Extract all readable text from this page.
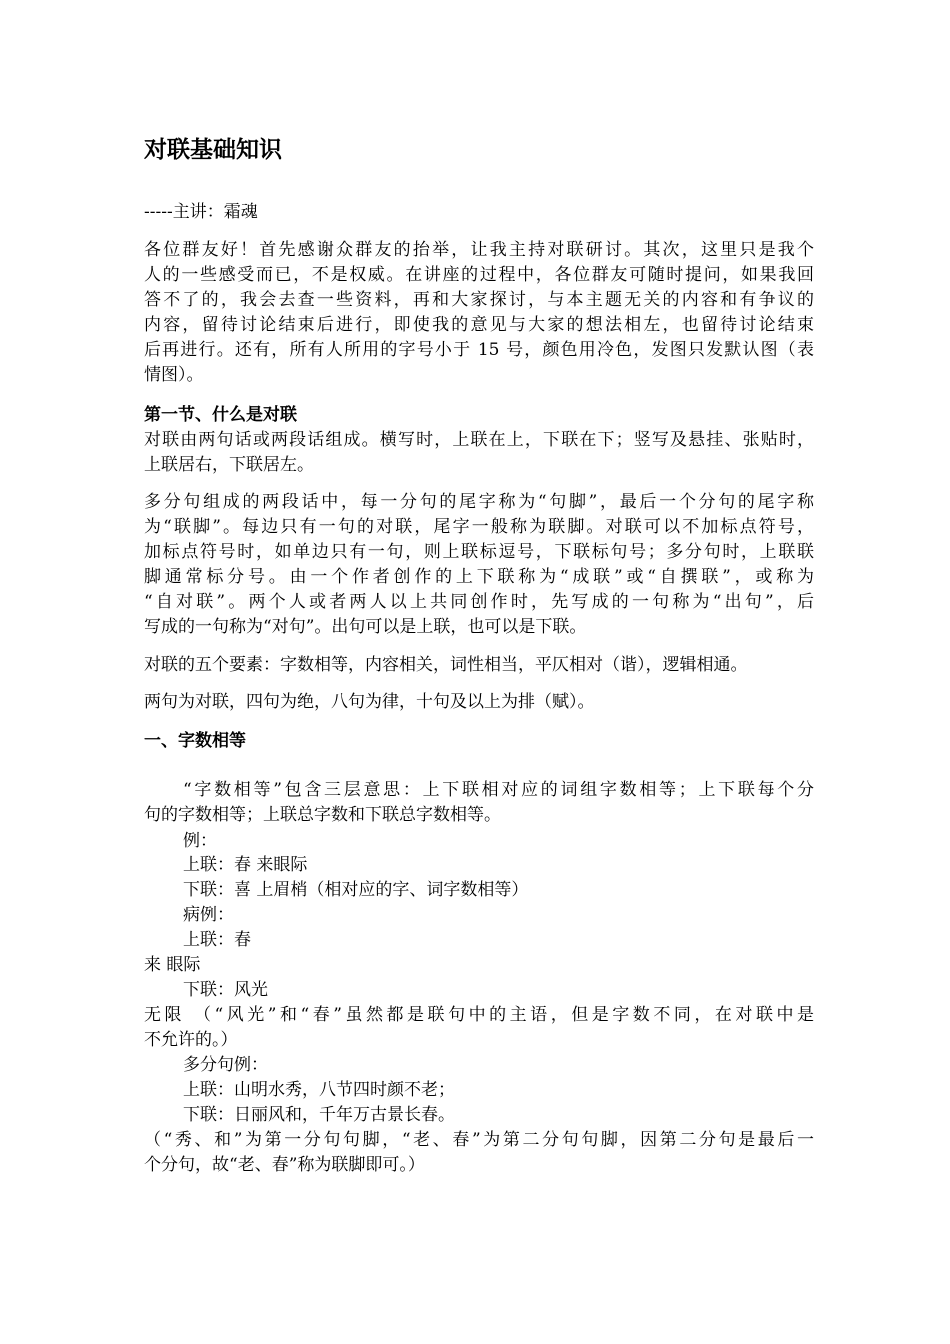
对联基础知识
-----主讲：霜魂
各位群友好！首先感谢众群友的抬举，让我主持对联研讨。其次，这里只是我个
人的一些感受而已，不是权威。在讲座的过程中，各位群友可随时提问，如果我回
答不了的，我会去查一些资料，再和大家探讨，与本主题无关的内容和有争议的
内容，留待讨论结束后进行，即使我的意见与大家的想法相左，也留待讨论结束
后再进行。还有，所有人所用的字号小于 15 号，颜色用冷色，发图只发默认图（表
情图）。
第一节、什么是对联
对联由两句话或两段话组成。横写时，上联在上，下联在下；竖写及悬挂、张贴时，
上联居右，下联居左。
多分句组成的两段话中，每一分句的尾字称为“句脚”，最后一个分句的尾字称
为“联脚”。每边只有一句的对联，尾字一般称为联脚。对联可以不加标点符号，
加标点符号时，如单边只有一句，则上联标逗号，下联标句号；多分句时，上联联
脚通常标分号。由一个作者创作的上下联称为“成联”或“自撰联”，或称为
“自对联”。两个人或者两人以上共同创作时，先写成的一句称为“出句”，后
写成的一句称为“对句”。出句可以是上联，也可以是下联。
对联的五个要素：字数相等，内容相关，词性相当，平仄相对（谐），逻辑相通。
两句为对联，四句为绝，八句为律，十句及以上为排（赋）。
一、字数相等
“字数相等”包含三层意思：上下联相对应的词组字数相等；上下联每个分
句的字数相等；上联总字数和下联总字数相等。
例：
上联：春 来眼际
下联：喜 上眉梢（相对应的字、词字数相等）
病例：
上联：春
来 眼际
下联：风光
无限 （“风光”和“春”虽然都是联句中的主语，但是字数不同，在对联中是
不允许的。）
多分句例：
上联：山明水秀，八节四时颜不老；
下联：日丽风和，千年万古景长春。
（“秀、和”为第一分句句脚，“老、春”为第二分句句脚，因第二分句是最后一
个分句，故“老、春”称为联脚即可。）
